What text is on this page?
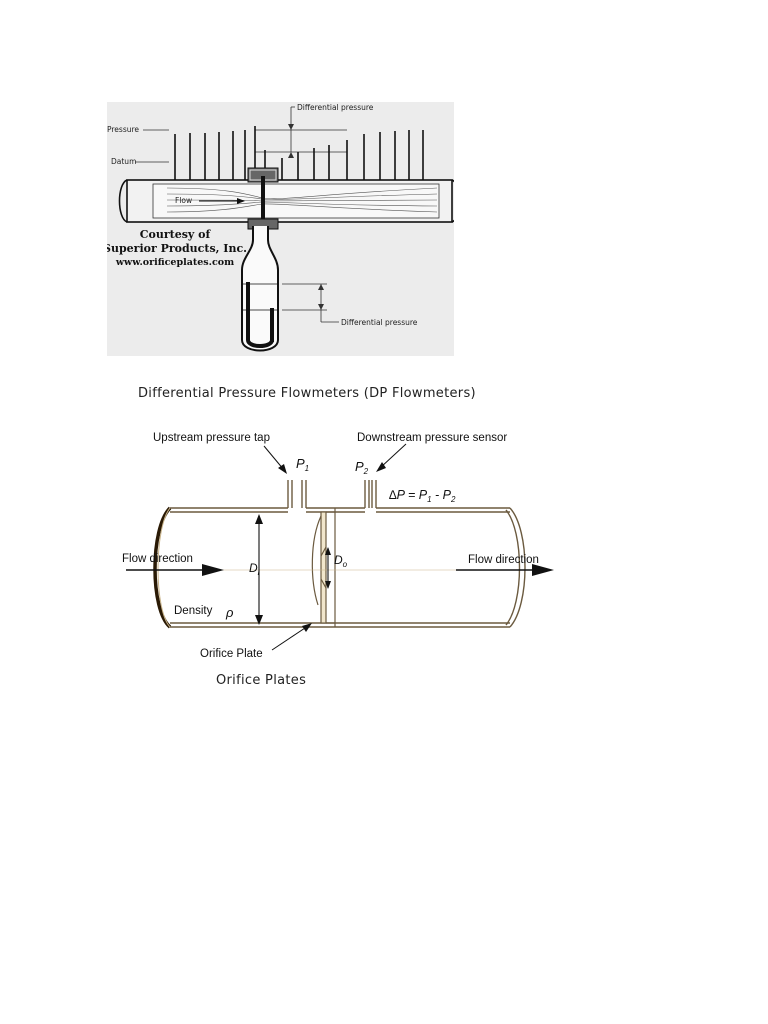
Courtesy of
Superior Products, Inc.
www.orificeplates.com
Differential pressure
Pressure
Datum
Flow
Differential pressure
Differential Pressure Flowmeters (DP Flowmeters)
Upstream pressure tap	Downstream pressure sensor
$P_1$	$P_2$
$\Delta P = P_1 - P_2$
Flow direction	Flow direction
$D_i$
$D_o$
Density ρ
Orifice Plate
Orifice Plates
